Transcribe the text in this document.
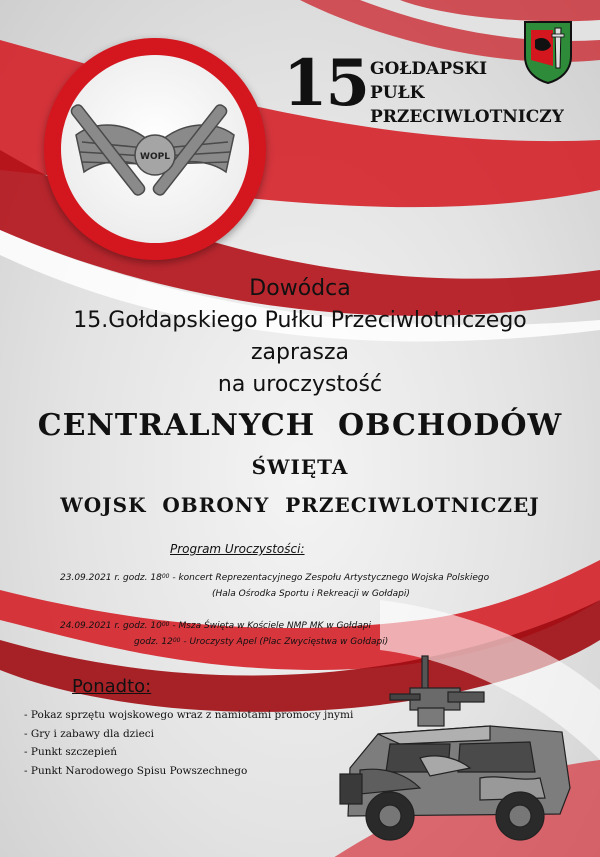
WOPL
15 GOŁDAPSKI
PUŁK
PRZECIWLOTNICZY
Dowódca
15.Gołdapskiego Pułku Przeciwlotniczego
zaprasza
na uroczystość
CENTRALNYCH  OBCHODÓW
ŚWIĘTA
WOJSK  OBRONY  PRZECIWLOTNICZEJ
Program Uroczystości:
23.09.2021 r. godz. $18^{00}$ - koncert Reprezentacyjnego Zespołu Artystycznego Wojska Polskiego
(Hala Ośrodka Sportu i Rekreacji w Gołdapi)
24.09.2021 r. godz. $10^{00}$ - Msza Święta w Kościele NMP MK w Gołdapi
godz. $12^{00}$ - Uroczysty Apel (Plac Zwycięstwa w Gołdapi)
Ponadto:
- Pokaz sprzętu wojskowego wraz z namiotami promocy jnymi
- Gry i zabawy dla dzieci
- Punkt szczepień
- Punkt Narodowego Spisu Powszechnego
